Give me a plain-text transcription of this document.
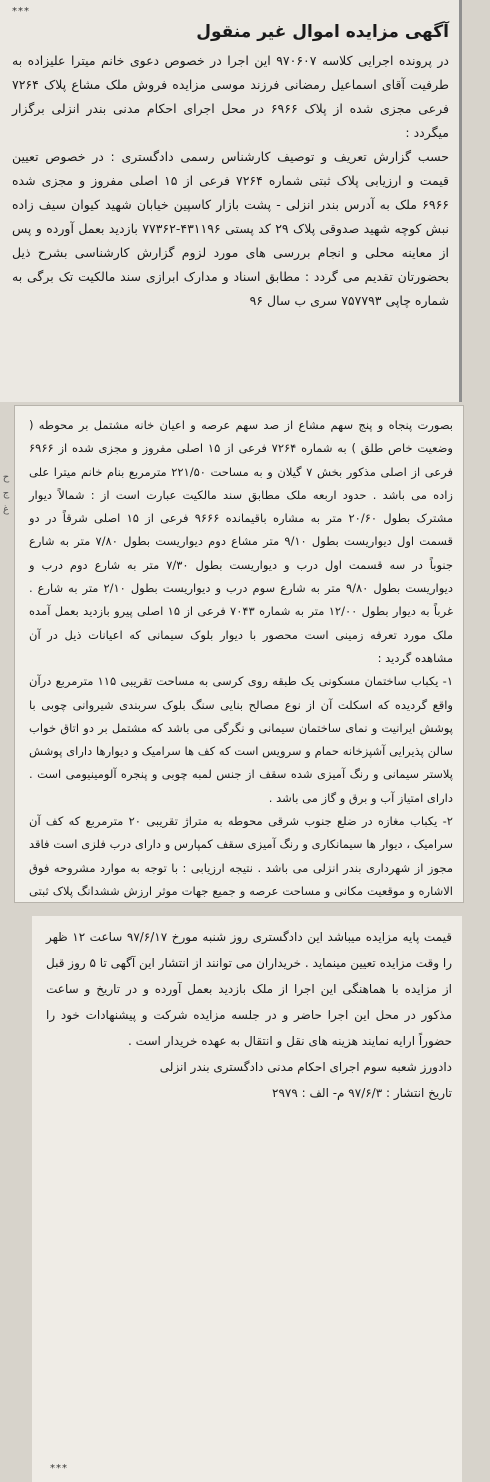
***
آگهی مزایده اموال غیر منقول

در پرونده اجرایی کلاسه ۹۷۰۶۰۷ این اجرا در خصوص دعوی خانم میترا علیزاده به طرفیت آقای اسماعیل رمضانی فرزند موسی مزایده فروش ملک مشاع پلاک ۷۲۶۴ فرعی مجزی شده از پلاک ۶۹۶۶ در محل اجرای احکام مدنی بندر انزلی برگزار میگردد :

حسب گزارش تعریف و توصیف کارشناس رسمی دادگستری : در خصوص تعیین قیمت و ارزیابی پلاک ثبتی شماره ۷۲۶۴ فرعی از ۱۵ اصلی مفروز و مجزی شده ۶۹۶۶ ملک به آدرس بندر انزلی - پشت بازار کاسپین خیابان شهید کیوان سیف زاده نبش کوچه شهید صدوقی پلاک ۲۹ کد پستی ۴۳۱۱۹۶-۷۷۳۶۲ بازدید بعمل آورده و پس از معاینه محلی و انجام بررسی های مورد لزوم گزارش کارشناسی بشرح ذیل بحضورتان تقدیم می گردد : مطابق اسناد و مدارک ابرازی سند مالکیت تک برگی به شماره چاپی ۷۵۷۷۹۳ سری ب سال ۹۶

ح
ج
غ

بصورت پنجاه و پنج سهم مشاع از صد سهم عرصه و اعیان خانه مشتمل بر محوطه ( وضعیت خاص طلق ) به شماره ۷۲۶۴ فرعی از ۱۵ اصلی مفروز و مجزی شده از ۶۹۶۶ فرعی از اصلی مذکور بخش ۷ گیلان و به مساحت ۲۲۱/۵۰ مترمربع بنام خانم میترا علی زاده می باشد . حدود اربعه ملک مطابق سند مالکیت عبارت است از : شمالاً دیوار مشترک بطول ۲۰/۶۰ متر به مشاره باقیمانده ۹۶۶۶ فرعی از ۱۵ اصلی شرقاً در دو قسمت اول دیواریست بطول ۹/۱۰ متر مشاع دوم دیواریست بطول ۷/۸۰ متر به شارع جنوباً در سه قسمت اول درب و دیواریست بطول ۷/۳۰ متر به شارع دوم درب و دیواریست بطول ۹/۸۰ متر به شارع سوم درب و دیواریست بطول ۲/۱۰ متر به شارع . غرباً به دیوار بطول ۱۲/۰۰ متر به شماره ۷۰۴۳ فرعی از ۱۵ اصلی پیرو بازدید بعمل آمده ملک مورد تعرفه زمینی است محصور با دیوار بلوک سیمانی که اعیانات ذیل در آن مشاهده گردید :

۱- یکباب ساختمان مسکونی یک طبقه روی کرسی به مساحت تقریبی ۱۱۵ مترمربع درآن واقع گردیده که اسکلت آن از نوع مصالح بنایی سنگ بلوک سربندی شیروانی چوبی با پوشش ایرانیت و نمای ساختمان سیمانی و نگرگی می باشد که مشتمل بر دو اتاق خواب سالن پذیرایی آشپزخانه حمام و سرویس است که کف ها سرامیک و دیوارها دارای پوشش پلاستر سیمانی و رنگ آمیزی شده سقف از جنس لمبه چوبی و پنجره آلومینیومی است . دارای امتیاز آب و برق و گاز می باشد .

۲- یکباب مغازه در ضلع جنوب شرقی محوطه به متراژ تقریبی ۲۰ مترمربع که کف آن سرامیک ، دیوار ها سیمانکاری و رنگ آمیزی سقف کمپارس و دارای درب فلزی است فاقد مجوز از شهرداری بندر انزلی می باشد . نتیجه ارزیابی : با توجه به موارد مشروحه فوق الاشاره و موقعیت مکانی و مساحت عرصه و جمیع جهات موثر ارزش ششدانگ پلاک ثبتی

قیمت پایه مزایده میباشد این دادگستری روز شنبه مورخ ۹۷/۶/۱۷ ساعت ۱۲ ظهر را وقت مزایده تعیین مینماید . خریداران می توانند از انتشار این آگهی تا ۵ روز قبل از مزایده با هماهنگی این اجرا از ملک بازدید بعمل آورده و در تاریخ و ساعت مذکور در محل این اجرا حاضر و در جلسه مزایده شرکت و پیشنهادات خود را حضوراً ارایه نمایند هزینه های نقل و انتقال به عهده خریدار است .

دادورز شعبه سوم اجرای احکام مدنی دادگستری بندر انزلی

تاریخ انتشار : ۹۷/۶/۳ م- الف : ۲۹۷۹

***
